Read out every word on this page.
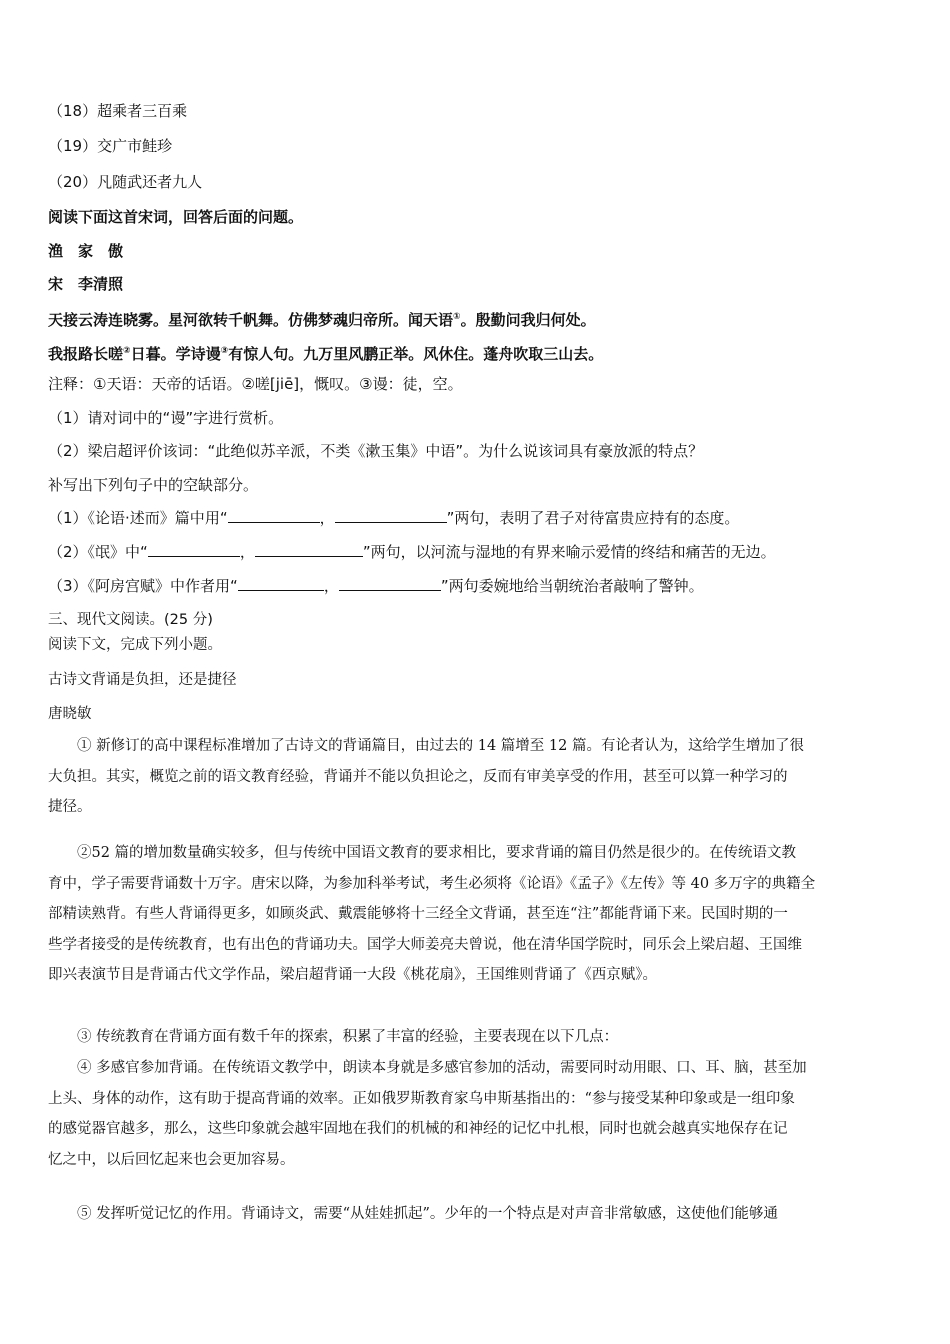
（18）超乘者三百乘
（19）交广市鲑珍
（20）凡随武还者九人
阅读下面这首宋词，回答后面的问题。
渔　家　傲
宋　李清照
天接云涛连晓雾。星河欲转千帆舞。仿佛梦魂归帝所。闻天语①。殷勤问我归何处。
我报路长嗟②日暮。学诗谩③有惊人句。九万里风鹏正举。风休住。蓬舟吹取三山去。
注释：①天语：天帝的话语。②嗟[jiē]，慨叹。③谩：徒，空。
（1）请对词中的“谩”字进行赏析。
（2）梁启超评价该词：“此绝似苏辛派，不类《漱玉集》中语”。为什么说该词具有豪放派的特点？
补写出下列句子中的空缺部分。
（1）《论语·述而》篇中用“	，	”两句，表明了君子对待富贵应持有的态度。
（2）《氓》中“	，	”两句，以河流与湿地的有界来喻示爱情的终结和痛苦的无边。
（3）《阿房宫赋》中作者用“	，	”两句委婉地给当朝统治者敲响了警钟。
三、现代文阅读。(25 分)
阅读下文，完成下列小题。
古诗文背诵是负担，还是捷径
唐晓敏
① 新修订的高中课程标准增加了古诗文的背诵篇目，由过去的 14 篇增至 12 篇。有论者认为，这给学生增加了很
大负担。其实，概览之前的语文教育经验，背诵并不能以负担论之，反而有审美享受的作用，甚至可以算一种学习的
捷径。
②52 篇的增加数量确实较多，但与传统中国语文教育的要求相比，要求背诵的篇目仍然是很少的。在传统语文教
育中，学子需要背诵数十万字。唐宋以降，为参加科举考试，考生必须将《论语》《孟子》《左传》等 40 多万字的典籍全
部精读熟背。有些人背诵得更多，如顾炎武、戴震能够将十三经全文背诵，甚至连“注”都能背诵下来。民国时期的一
些学者接受的是传统教育，也有出色的背诵功夫。国学大师姜亮夫曾说，他在清华国学院时，同乐会上梁启超、王国维
即兴表演节目是背诵古代文学作品，梁启超背诵一大段《桃花扇》，王国维则背诵了《西京赋》。
③ 传统教育在背诵方面有数千年的探索，积累了丰富的经验，主要表现在以下几点：
④ 多感官参加背诵。在传统语文教学中，朗读本身就是多感官参加的活动，需要同时动用眼、口、耳、脑，甚至加
上头、身体的动作，这有助于提高背诵的效率。正如俄罗斯教育家乌申斯基指出的：“参与接受某种印象或是一组印象
的感觉器官越多，那么，这些印象就会越牢固地在我们的机械的和神经的记忆中扎根，同时也就会越真实地保存在记
忆之中，以后回忆起来也会更加容易。
⑤ 发挥听觉记忆的作用。背诵诗文，需要“从娃娃抓起”。少年的一个特点是对声音非常敏感，这使他们能够通
